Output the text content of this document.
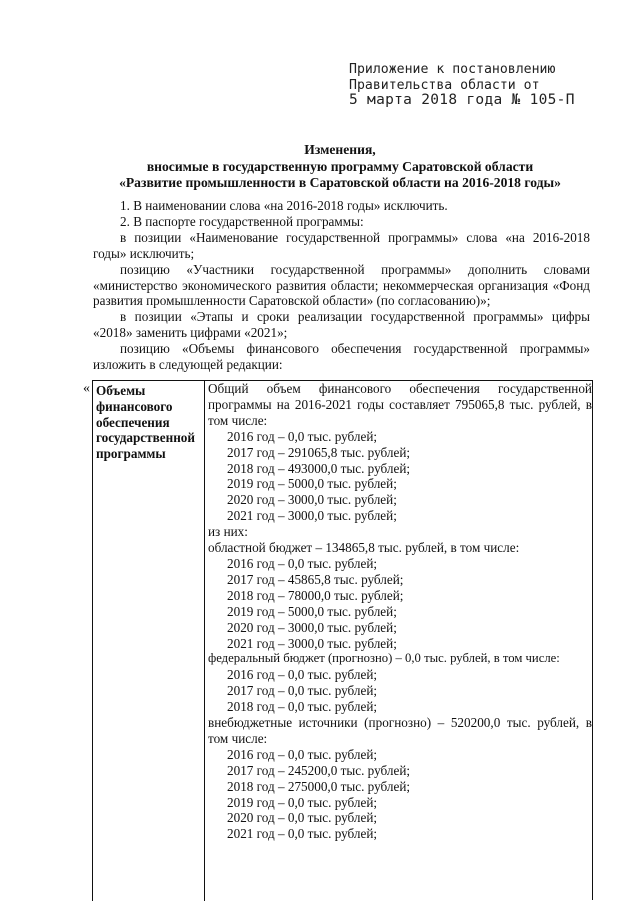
Приложение к постановлению
Правительства области от
5 марта 2018 года № 105-П
Изменения,
вносимые в государственную программу Саратовской области
«Развитие промышленности в Саратовской области на 2016-2018 годы»

1. В наименовании слова «на 2016-2018 годы» исключить.

2. В паспорте государственной программы:

в позиции «Наименование государственной программы» слова «на 2016-2018 годы» исключить;

позицию «Участники государственной программы» дополнить словами «министерство экономического развития области; некоммерческая организация «Фонд развития промышленности Саратовской области» (по согласованию)»;

в позиции «Этапы и сроки реализации государственной программы» цифры «2018» заменить цифрами «2021»;

позицию «Объемы финансового обеспечения государственной программы» изложить в следующей редакции:

« Объемы
финансового
обеспечения
государственной
программы
Общий объем финансового обеспечения государственной программы на 2016-2021 годы составляет 795065,8 тыс. рублей, в том числе:
2016 год – 0,0 тыс. рублей;
2017 год – 291065,8 тыс. рублей;
2018 год – 493000,0 тыс. рублей;
2019 год – 5000,0 тыс. рублей;
2020 год – 3000,0 тыс. рублей;
2021 год – 3000,0 тыс. рублей;
из них:
областной бюджет – 134865,8 тыс. рублей, в том числе:
2016 год – 0,0 тыс. рублей;
2017 год – 45865,8 тыс. рублей;
2018 год – 78000,0 тыс. рублей;
2019 год – 5000,0 тыс. рублей;
2020 год – 3000,0 тыс. рублей;
2021 год – 3000,0 тыс. рублей;
федеральный бюджет (прогнозно) – 0,0 тыс. рублей, в том числе:
2016 год – 0,0 тыс. рублей;
2017 год – 0,0 тыс. рублей;
2018 год – 0,0 тыс. рублей;
внебюджетные источники (прогнозно) – 520200,0 тыс. рублей, в том числе:
2016 год – 0,0 тыс. рублей;
2017 год – 245200,0 тыс. рублей;
2018 год – 275000,0 тыс. рублей;
2019 год – 0,0 тыс. рублей;
2020 год – 0,0 тыс. рублей;
2021 год – 0,0 тыс. рублей;
